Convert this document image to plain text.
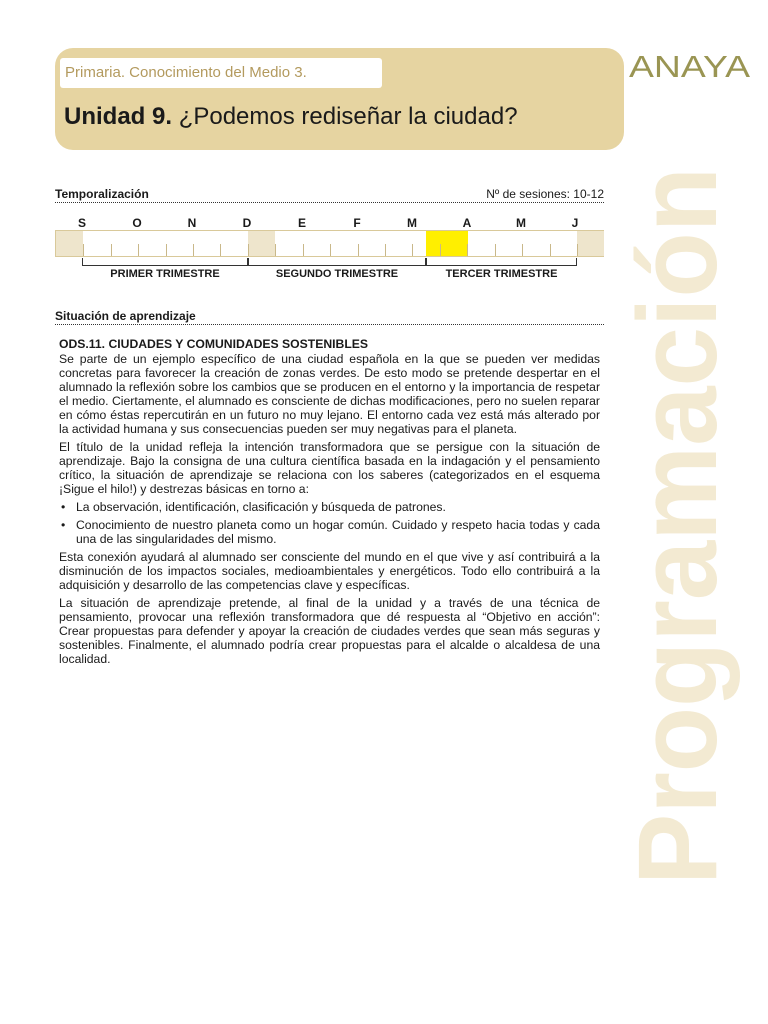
Primaria. Conocimiento del Medio 3.
Unidad 9. ¿Podemos rediseñar la ciudad?
ANAYA
Programación
Temporalización	Nº de sesiones: 10-12
S	O	N	D	E	F	M	A	M	J
PRIMER TRIMESTRE	SEGUNDO TRIMESTRE	TERCER TRIMESTRE
Situación de aprendizaje
ODS.11. CIUDADES Y COMUNIDADES SOSTENIBLES

Se parte de un ejemplo específico de una ciudad española en la que se pueden ver medidas concretas para favorecer la creación de zonas verdes. De esto modo se pretende despertar en el alumnado la reflexión sobre los cambios que se producen en el entorno y la importancia de respetar el medio. Ciertamente, el alumnado es consciente de dichas modificaciones, pero no suelen reparar en cómo éstas repercutirán en un futuro no muy lejano. El entorno cada vez está más alterado por la actividad humana y sus consecuencias pueden ser muy negativas para el planeta.

El título de la unidad refleja la intención transformadora que se persigue con la situación de aprendizaje. Bajo la consigna de una cultura científica basada en la indagación y el pensamiento crítico, la situación de aprendizaje se relaciona con los saberes (categorizados en el esquema ¡Sigue el hilo!) y destrezas básicas en torno a:

• La observación, identificación, clasificación y búsqueda de patrones.
• Conocimiento de nuestro planeta como un hogar común. Cuidado y respeto hacia todas y cada una de las singularidades del mismo.

Esta conexión ayudará al alumnado ser consciente del mundo en el que vive y así contribuirá a la disminución de los impactos sociales, medioambientales y energéticos. Todo ello contribuirá a la adquisición y desarrollo de las competencias clave y específicas.

La situación de aprendizaje pretende, al final de la unidad y a través de una técnica de pensamiento, provocar una reflexión transformadora que dé respuesta al “Objetivo en acción”: Crear propuestas para defender y apoyar la creación de ciudades verdes que sean más seguras y sostenibles. Finalmente, el alumnado podría crear propuestas para el alcalde o alcaldesa de una localidad.
